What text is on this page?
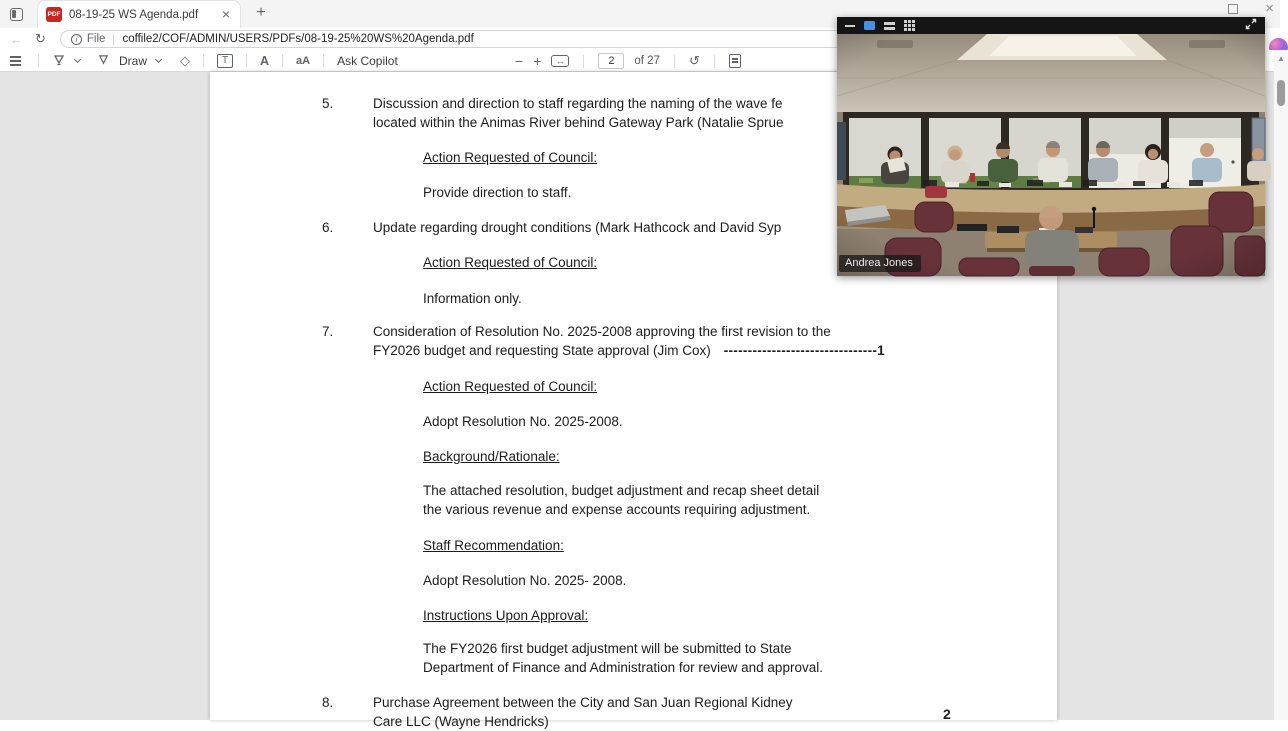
PDF 08-19-25 WS Agenda.pdf	×	+	×
← ↻	i File coffile2/COF/ADMIN/USERS/PDFs/08-19-25%20WS%20Agenda.pdf
Draw	◇	T	A aA Ask Copilot	− +	↔
2	of 27 ↺
5.	Discussion and direction to staff regarding the naming of the wave fe
located within the Animas River behind Gateway Park (Natalie Sprue
Action Requested of Council:
Provide direction to staff.
6.	Update regarding drought conditions (Mark Hathcock and David Syp
Action Requested of Council:
Information only.
7.	Consideration of Resolution No. 2025-2008 approving the first revision to the
FY2026 budget and requesting State approval (Jim Cox) --------------------------------1
Action Requested of Council:
Adopt Resolution No. 2025-2008.
Background/Rationale:
The attached resolution, budget adjustment and recap sheet detail
the various revenue and expense accounts requiring adjustment.
Staff Recommendation:
Adopt Resolution No. 2025- 2008.
Instructions Upon Approval:
The FY2026 first budget adjustment will be submitted to State
Department of Finance and Administration for review and approval.
8.	Purchase Agreement between the City and San Juan Regional Kidney
Care LLC (Wayne Hendricks)	2
▲
Andrea Jones
